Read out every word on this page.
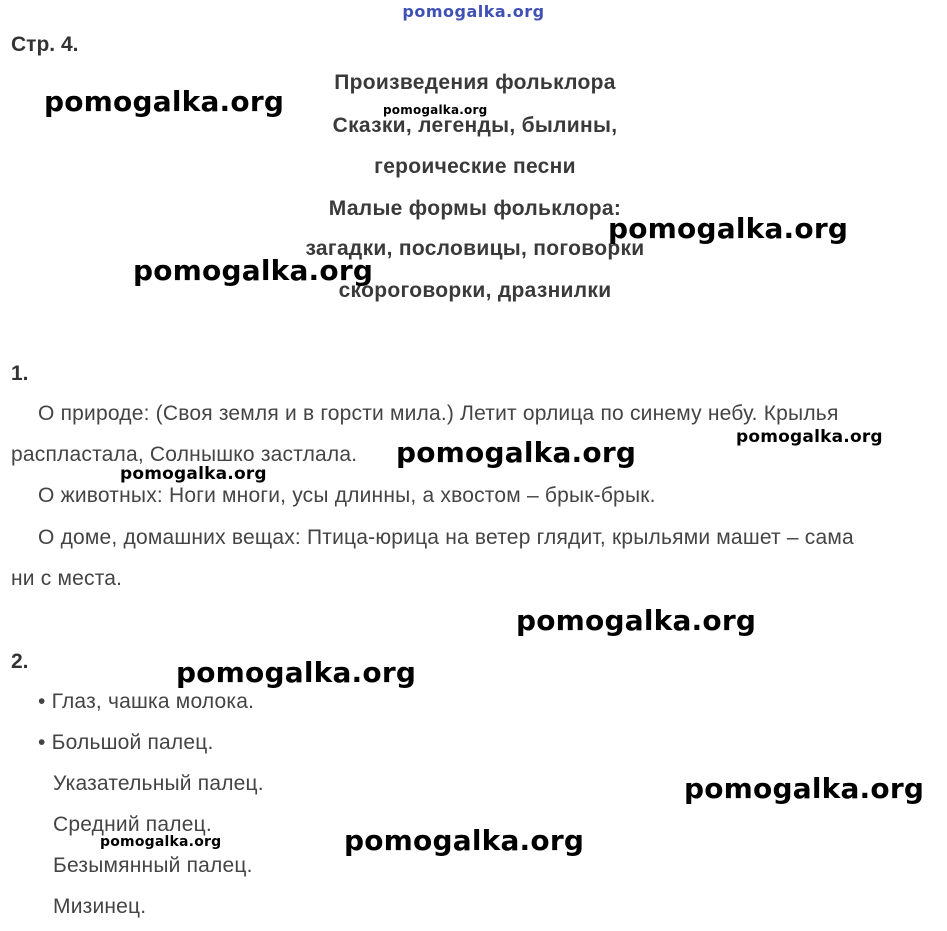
pomogalka.org
Стр. 4.
Произведения фольклора
Сказки, легенды, былины,
героические песни
Малые формы фольклора:
загадки, пословицы, поговорки
скороговорки, дразнилки
1.
О природе: (Своя земля и в горсти мила.) Летит орлица по синему небу. Крылья
распластала, Солнышко застлала.
О животных: Ноги многи, усы длинны, а хвостом – брык-брык.
О доме, домашних вещах: Птица-юрица на ветер глядит, крыльями машет – сама
ни с места.
2.
• Глаз, чашка молока.
• Большой палец.
Указательный палец.
Средний палец.
Безымянный палец.
Мизинец.
pomogalka.org	pomogalka.org
pomogalka.org
pomogalka.org
pomogalka.org
pomogalka.org
pomogalka.org
pomogalka.org
pomogalka.org
pomogalka.org
pomogalka.org
pomogalka.org
